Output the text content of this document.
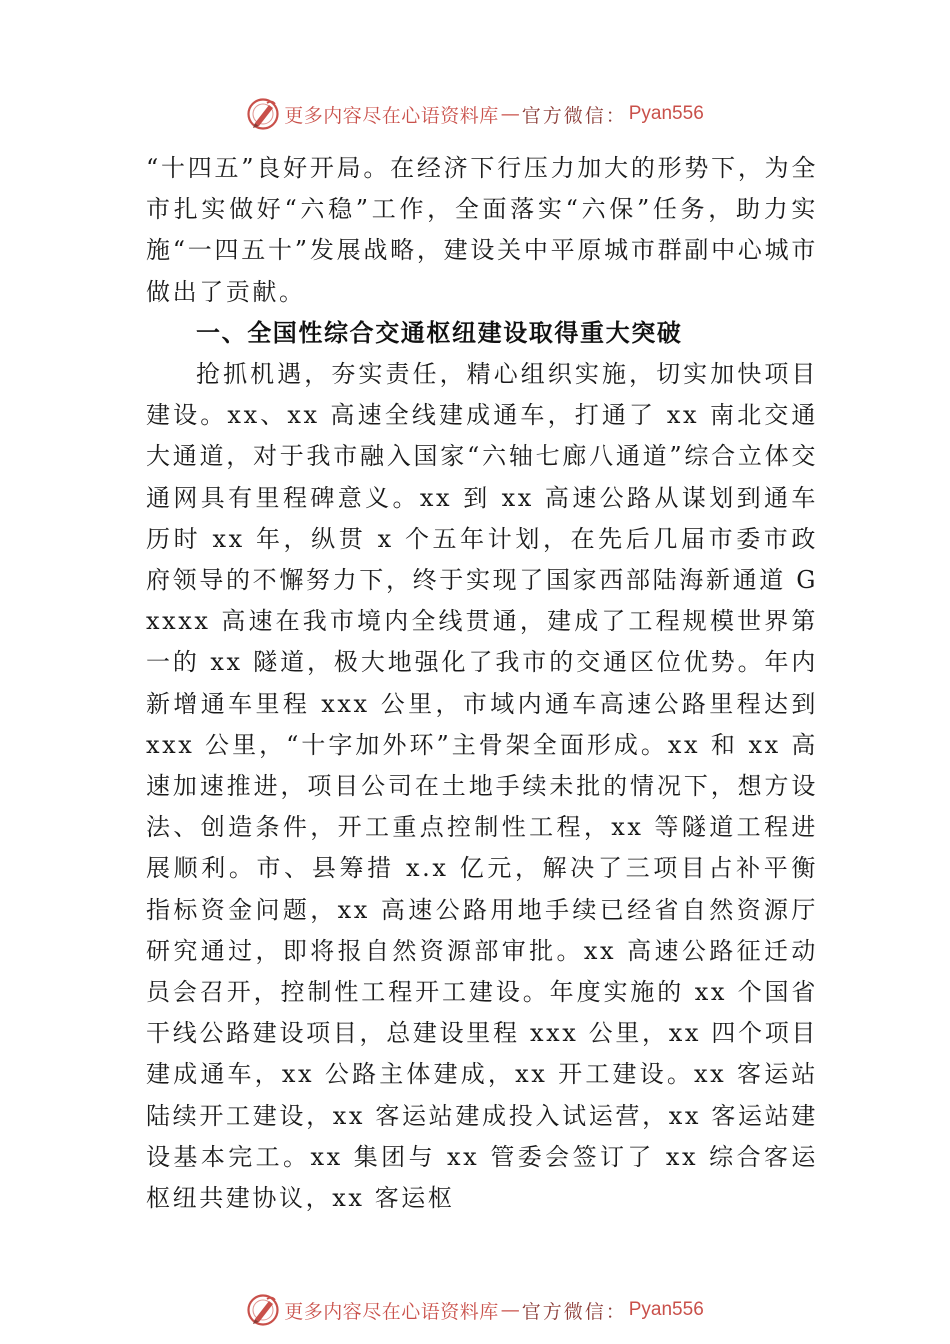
更多内容尽在心语资料库 — 官方微信： Pyan556

“十四五”良好开局。在经济下行压力加大的形势下，为全市扎实做好“六稳”工作，全面落实“六保”任务，助力实施“一四五十”发展战略，建设关中平原城市群副中心城市做出了贡献。

一、全国性综合交通枢纽建设取得重大突破

抢抓机遇，夯实责任，精心组织实施，切实加快项目建设。xx、xx 高速全线建成通车，打通了 xx 南北交通大通道，对于我市融入国家“六轴七廊八通道”综合立体交通网具有里程碑意义。xx 到 xx 高速公路从谋划到通车历时 xx 年，纵贯 x 个五年计划，在先后几届市委市政府领导的不懈努力下，终于实现了国家西部陆海新通道 Gxxxx 高速在我市境内全线贯通，建成了工程规模世界第一的 xx 隧道，极大地强化了我市的交通区位优势。年内新增通车里程 xxx 公里，市域内通车高速公路里程达到 xxx 公里，“十字加外环”主骨架全面形成。xx 和 xx 高速加速推进，项目公司在土地手续未批的情况下，想方设法、创造条件，开工重点控制性工程，xx 等隧道工程进展顺利。市、县筹措 x.x 亿元，解决了三项目占补平衡指标资金问题，xx 高速公路用地手续已经省自然资源厅研究通过，即将报自然资源部审批。xx 高速公路征迁动员会召开，控制性工程开工建设。年度实施的 xx 个国省干线公路建设项目，总建设里程 xxx 公里，xx 四个项目建成通车，xx 公路主体建成，xx 开工建设。xx 客运站陆续开工建设，xx 客运站建成投入试运营，xx 客运站建设基本完工。xx 集团与 xx 管委会签订了 xx 综合客运枢纽共建协议，xx 客运枢

更多内容尽在心语资料库 — 官方微信： Pyan556
